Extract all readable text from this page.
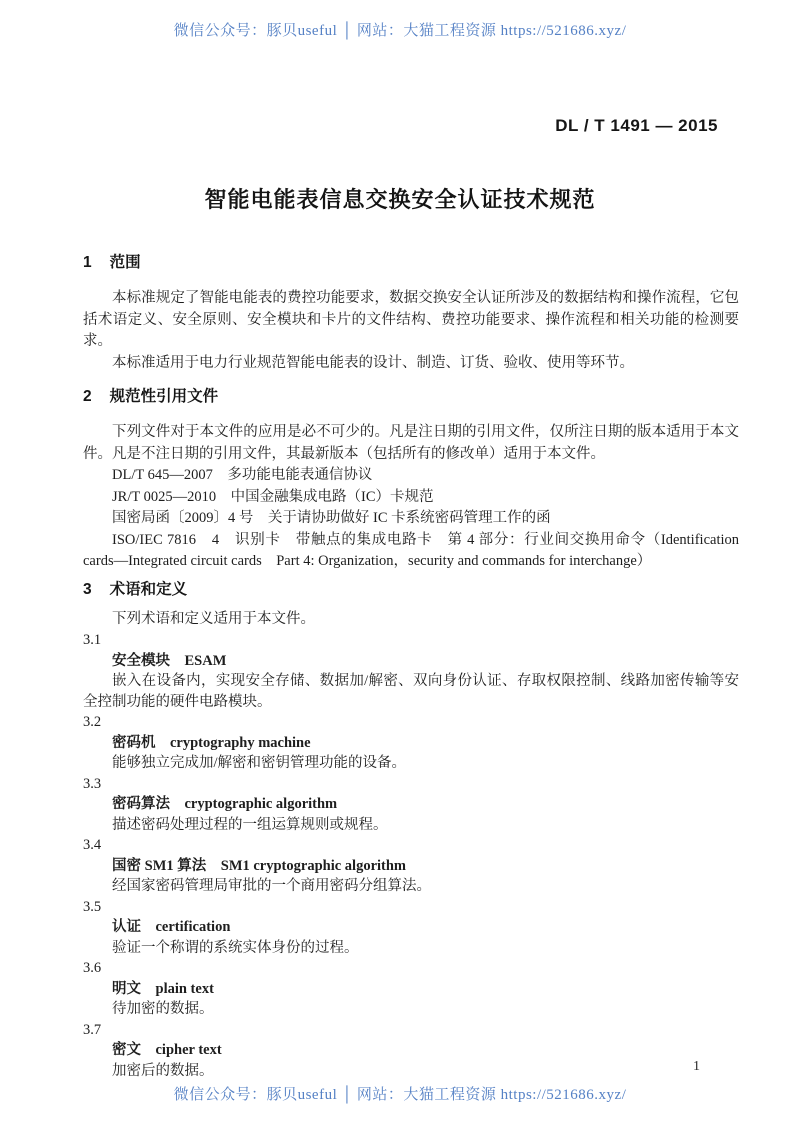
微信公众号：豚贝useful │ 网站：大猫工程资源 https://521686.xyz/
DL / T 1491 — 2015
智能电能表信息交换安全认证技术规范
1 范围

本标准规定了智能电能表的费控功能要求，数据交换安全认证所涉及的数据结构和操作流程，它包括术语定义、安全原则、安全模块和卡片的文件结构、费控功能要求、操作流程和相关功能的检测要求。

本标准适用于电力行业规范智能电能表的设计、制造、订货、验收、使用等环节。

2 规范性引用文件

下列文件对于本文件的应用是必不可少的。凡是注日期的引用文件，仅所注日期的版本适用于本文件。凡是不注日期的引用文件，其最新版本（包括所有的修改单）适用于本文件。

DL/T 645—2007　多功能电能表通信协议

JR/T 0025—2010　中国金融集成电路（IC）卡规范

国密局函〔2009〕4 号　关于请协助做好 IC 卡系统密码管理工作的函

ISO/IEC 7816　4　识别卡　带触点的集成电路卡　第 4 部分：行业间交换用命令（Identification cards—Integrated circuit cards　Part 4: Organization，security and commands for interchange）

3 术语和定义

下列术语和定义适用于本文件。

3.1
安全模块　ESAM

嵌入在设备内，实现安全存储、数据加/解密、双向身份认证、存取权限控制、线路加密传输等安全控制功能的硬件电路模块。

3.2
密码机　cryptography machine

能够独立完成加/解密和密钥管理功能的设备。

3.3
密码算法　cryptographic algorithm

描述密码处理过程的一组运算规则或规程。

3.4
国密 SM1 算法　SM1 cryptographic algorithm

经国家密码管理局审批的一个商用密码分组算法。

3.5
认证　certification

验证一个称谓的系统实体身份的过程。

3.6
明文　plain text

待加密的数据。

3.7
密文　cipher text

加密后的数据。	1
微信公众号：豚贝useful │ 网站：大猫工程资源 https://521686.xyz/
